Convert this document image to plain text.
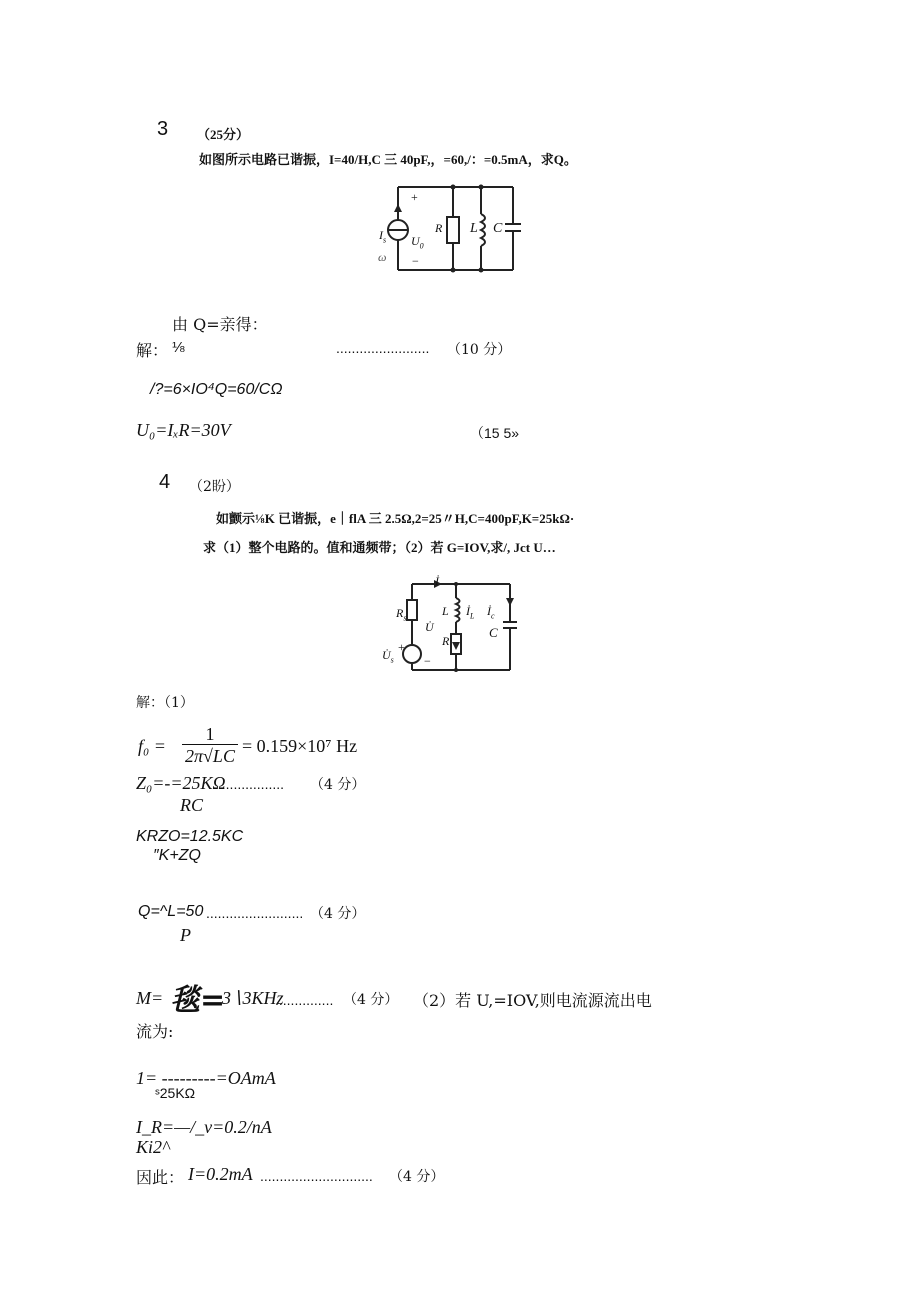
3 （25分）
如图所示电路已谐振，I=40/H,C 三 40pF,，=60,/：=0.5mA，求Q。
$I_s$
ω
+
$U_0$
−
R L C
由 Q=亲得：
解： ⅛	........................ （10 分）
/?=6×IO⁴Q=60/CΩ
U₀=IₓR=30V	（15 5»
4 （2盼）
如颤示⅛K 已谐振，e｜flA 三 2.5Ω,2=25〃H,C=400pF,K=25kΩ·
求（1）整个电路的。值和通频带；（2）若 G=IOV,求/, Jct U…
$R_s$
İ
L $İ_L$ $İ_c$
C
U̇
R
$U̇_s$
+
−
解：（1）
f₀ =
1
2π√LC = 0.159×10⁷ Hz
Z₀=-=25KΩ
.................. （4 分）
RC
KRZO=12.5KC
″K+ZQ
Q=^L=50 ......................... （4 分）
P
M= 毯=
3∖3KHz
............... （4 分） （2）若 U,=IOV,则电流源流出电
流为:
1= ---------=OAmA
ˢ25KΩ
I_R=—/_v=0.2/nA
Ki2^
因此： I=0.2mA ............................. （4 分）
